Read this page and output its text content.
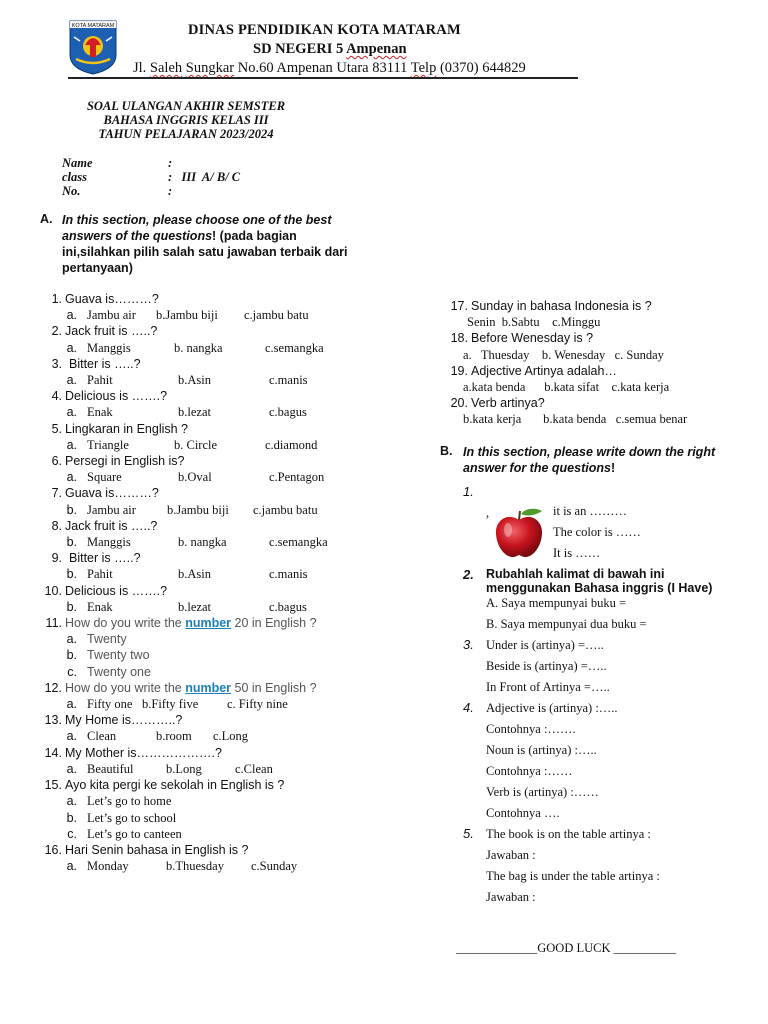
KOTA MATARAM	DINAS PENDIDIKAN KOTA MATARAM
SD NEGERI 5 Ampenan
Jl. Saleh Sungkar No.60 Ampenan Utara 83111 Telp (0370) 644829
SOAL ULANGAN AKHIR SEMSTER
BAHASA INGGRIS KELAS III
TAHUN PELAJARAN 2023/2024
Name	:
class	:   III  A/ B/ C
No.	:
A. In this section, please choose one of the best answers of the questions! (pada bagian ini,silahkan pilih salah satu jawaban terbaik dari pertanyaan)
1. Guava is………?
a. Jambu air	b.Jambu biji	c.jambu batu
2. Jack fruit is …..?
a. Manggis	b. nangka	c.semangka
3. Bitter is …..?
a. Pahit	b.Asin	c.manis
4. Delicious is …….?
a. Enak	b.lezat	c.bagus
5. Lingkaran in English ?
a. Triangle	b. Circle	c.diamond
6. Persegi in English is?
a. Square	b.Oval	c.Pentagon
7. Guava is………?
b. Jambu air	b.Jambu biji	c.jambu batu
8. Jack fruit is …..?
b. Manggis	b. nangka	c.semangka
9. Bitter is …..?
b. Pahit	b.Asin	c.manis
10. Delicious is …….?
b. Enak	b.lezat	c.bagus
11. How do you write the number 20 in English ?
a. Twenty
b. Twenty two
c. Twenty one
12. How do you write the number 50 in English ?
a. Fifty one b.Fifty five	c. Fifty nine
13. My Home is………..?
a. Clean	b.room	c.Long
14. My Mother is……………….?
a. Beautiful	b.Long	c.Clean
15. Ayo kita pergi ke sekolah in English is ?
a. Let’s go to home
b. Let’s go to school
c. Let’s go to canteen
16. Hari Senin bahasa in English is ?
a. Monday	b.Thuesday	c.Sunday
17. Sunday in bahasa Indonesia is ?
Senin  b.Sabtu    c.Minggu
18. Before Wenesday is ?
a.   Thuesday    b. Wenesday   c. Sunday
19. Adjective Artinya adalah…
a.kata benda      b.kata sifat    c.kata kerja
20. Verb artinya?
b.kata kerja       b.kata benda   c.semua benar
B. In this section, please write down the right answer for the questions!
1.
,	it is an ………
The color is ……
It is ……
2. Rubahlah kalimat di bawah ini
menggunakan Bahasa inggris (I Have)
A. Saya mempunyai buku =
B. Saya mempunyai dua buku =
3. Under is (artinya) =…..
Beside is (artinya) =…..
In Front of Artinya =…..
4. Adjective is (artinya) :…..
Contohnya :…….
Noun is (artinya) :…..
Contohnya :……
Verb is (artinya) :……
Contohnya ….
5. The book is on the table artinya :
Jawaban :
The bag is under the table artinya :
Jawaban :
_____________GOOD LUCK __________
